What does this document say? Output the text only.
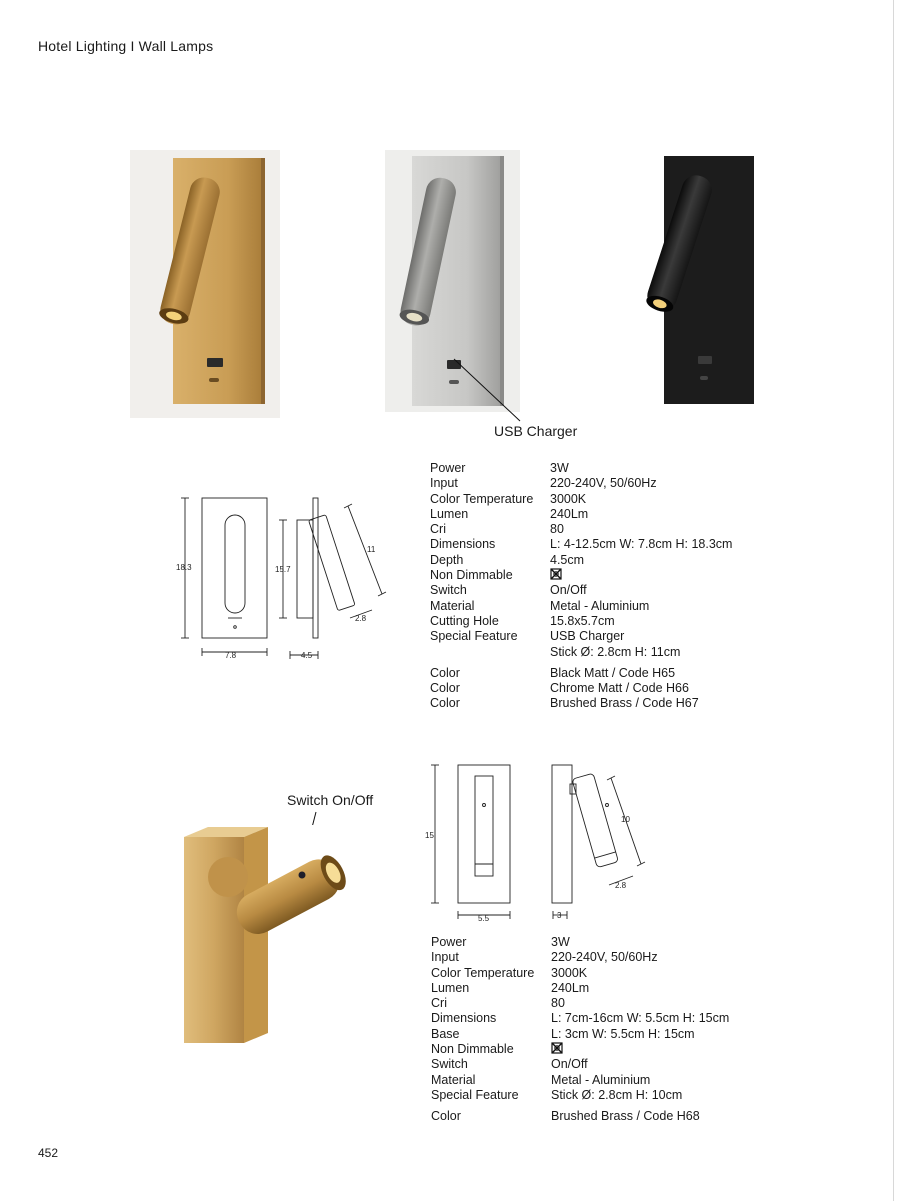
Hotel Lighting I Wall Lamps
USB Charger
18.3
7.8
15.7
11
2.8
4.5
Power	3W
Input	220-240V, 50/60Hz
Color Temperature	3000K
Lumen	240Lm
Cri	80
Dimensions	L: 4-12.5cm W: 7.8cm H: 18.3cm
Depth	4.5cm
Non Dimmable
Switch	On/Off
Material	Metal - Aluminium
Cutting Hole	15.8x5.7cm
Special Feature	USB Charger
Stick Ø: 2.8cm H: 11cm
Color	Black Matt / Code H65
Color	Chrome Matt / Code H66
Color	Brushed Brass / Code H67
Switch On/Off
15
5.5
10
2.8
3
Power	3W
Input	220-240V, 50/60Hz
Color Temperature	3000K
Lumen	240Lm
Cri	80
Dimensions	L: 7cm-16cm W: 5.5cm H: 15cm
Base	L: 3cm W: 5.5cm H: 15cm
Non Dimmable
Switch	On/Off
Material	Metal - Aluminium
Special Feature	Stick Ø: 2.8cm H: 10cm
Color	Brushed Brass / Code H68
452
